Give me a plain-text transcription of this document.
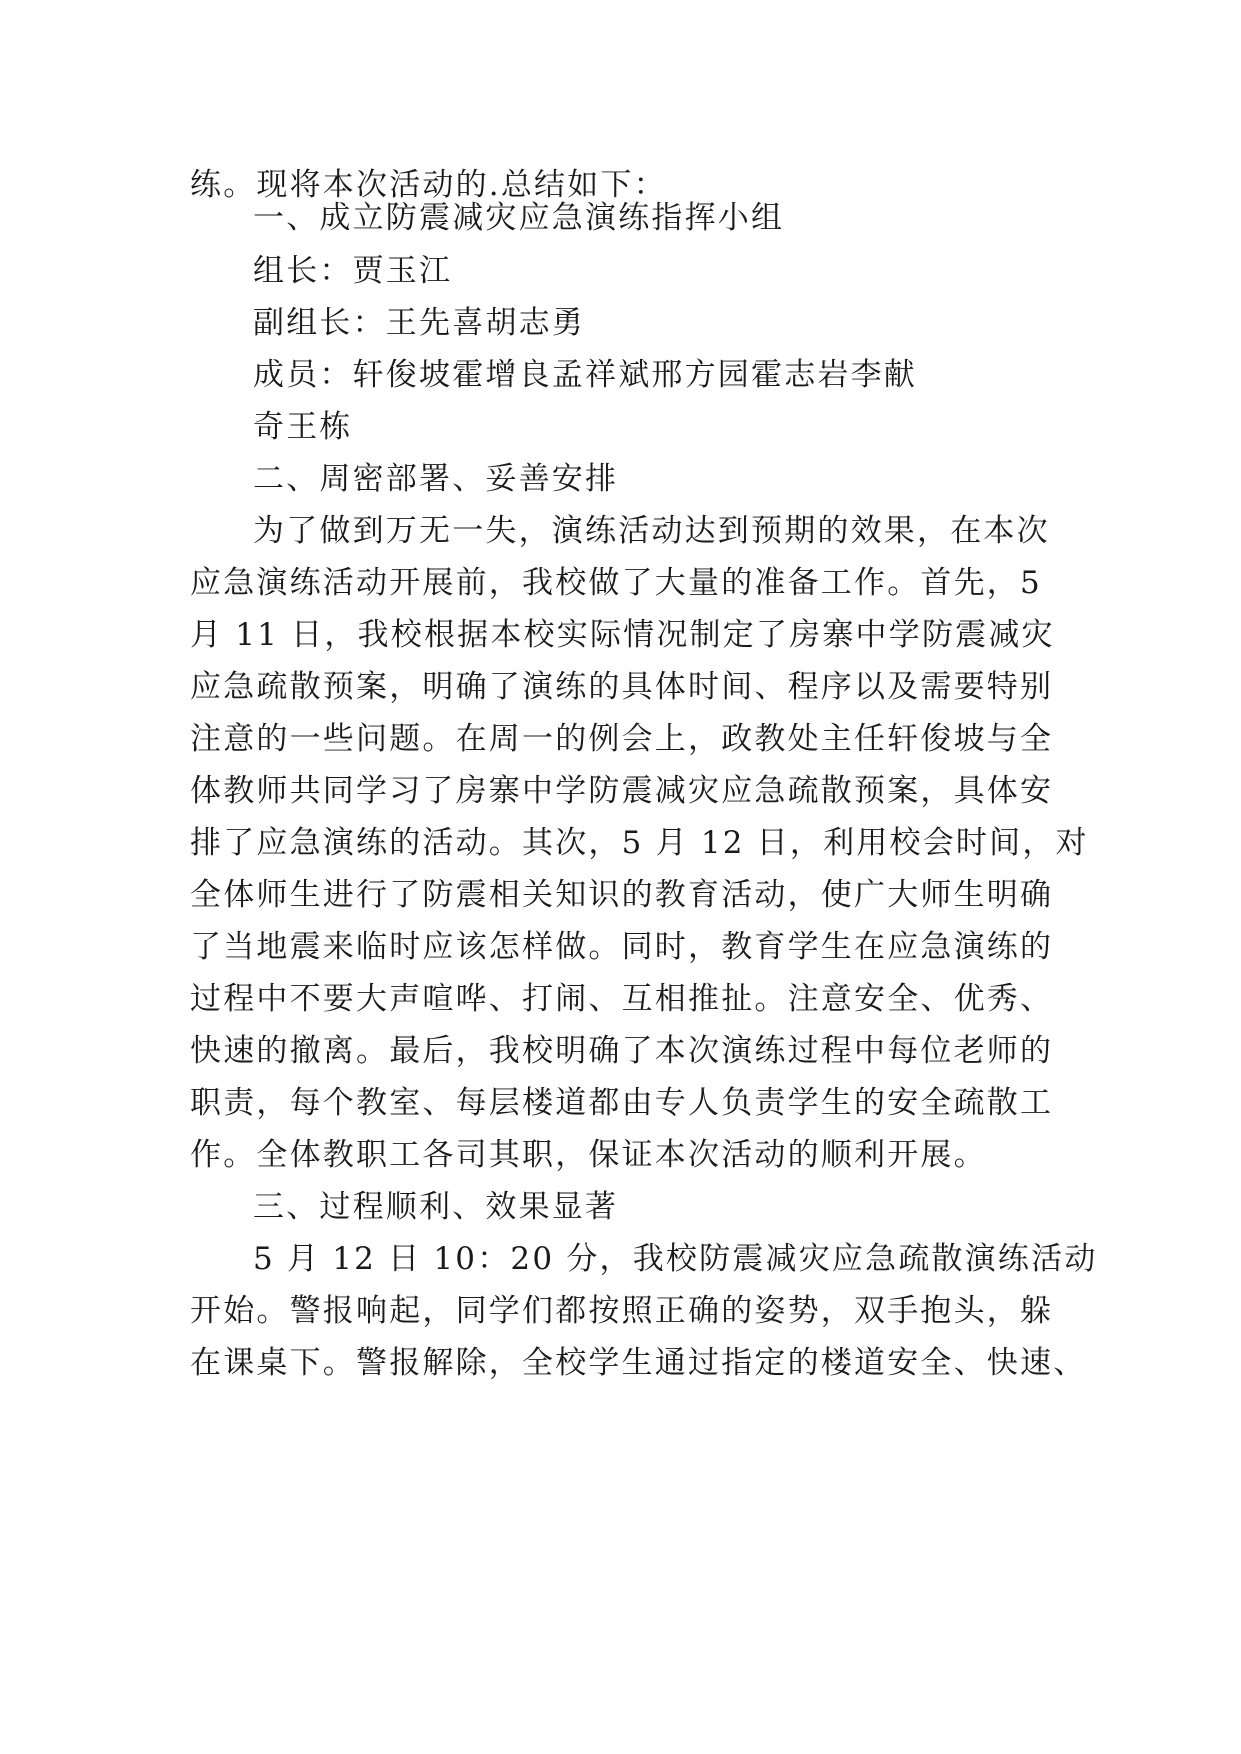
练。现将本次活动的.总结如下：
一、成立防震减灾应急演练指挥小组
组长：贾玉江
副组长：王先喜胡志勇
成员：轩俊坡霍增良孟祥斌邢方园霍志岩李献
奇王栋
二、周密部署、妥善安排
为了做到万无一失，演练活动达到预期的效果，在本次
应急演练活动开展前，我校做了大量的准备工作。首先，5
月 11 日，我校根据本校实际情况制定了房寨中学防震减灾
应急疏散预案，明确了演练的具体时间、程序以及需要特别
注意的一些问题。在周一的例会上，政教处主任轩俊坡与全
体教师共同学习了房寨中学防震减灾应急疏散预案，具体安
排了应急演练的活动。其次，5 月 12 日，利用校会时间，对
全体师生进行了防震相关知识的教育活动，使广大师生明确
了当地震来临时应该怎样做。同时，教育学生在应急演练的
过程中不要大声喧哗、打闹、互相推扯。注意安全、优秀、
快速的撤离。最后，我校明确了本次演练过程中每位老师的
职责，每个教室、每层楼道都由专人负责学生的安全疏散工
作。全体教职工各司其职，保证本次活动的顺利开展。
三、过程顺利、效果显著
5 月 12 日 10：20 分，我校防震减灾应急疏散演练活动
开始。警报响起，同学们都按照正确的姿势，双手抱头，躲
在课桌下。警报解除，全校学生通过指定的楼道安全、快速、
